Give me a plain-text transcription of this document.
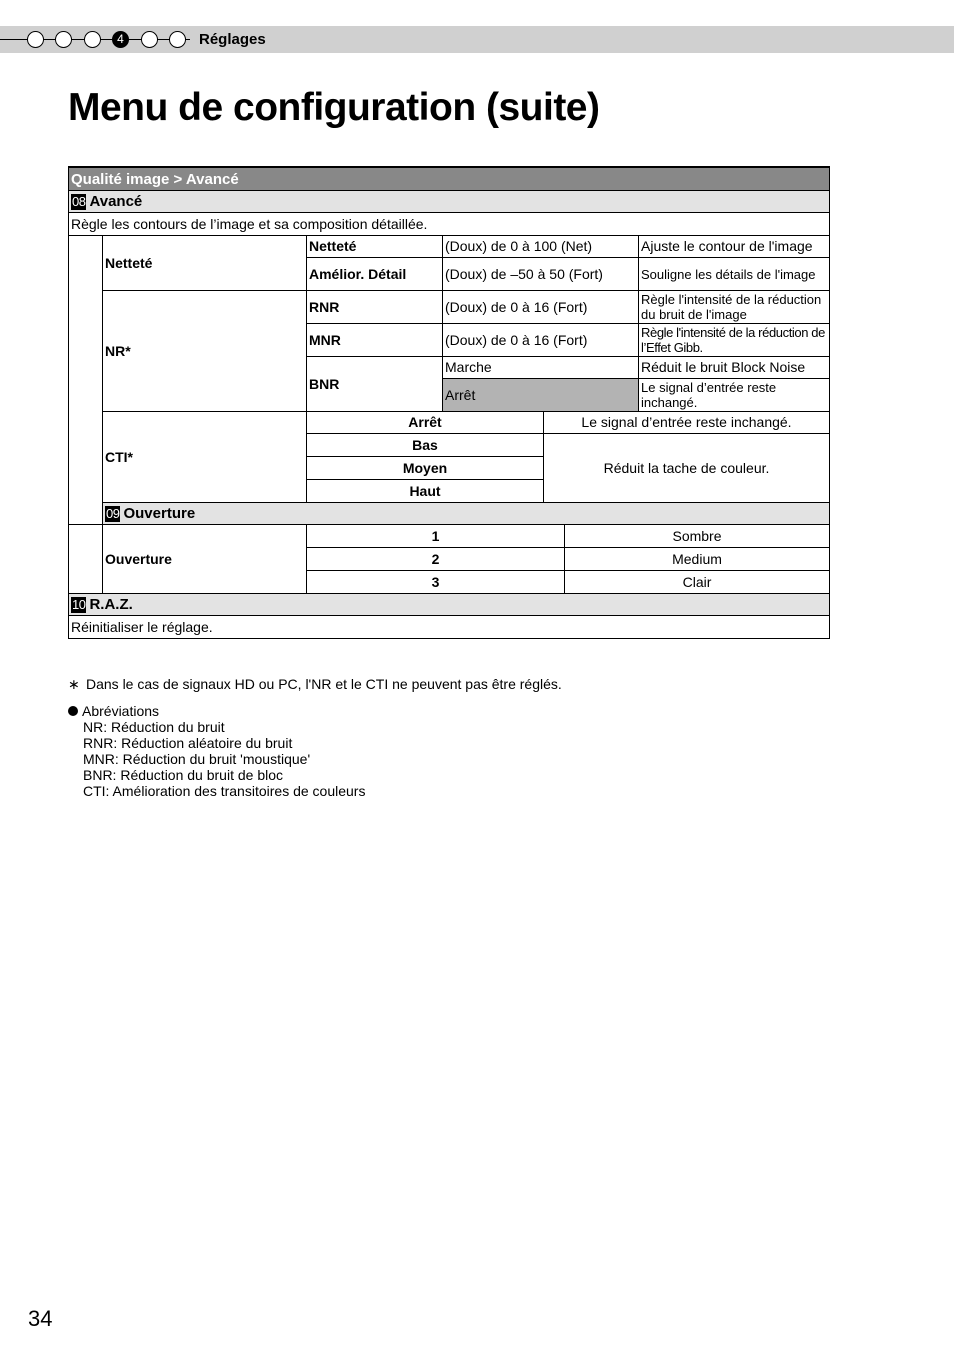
4	Réglages
Menu de configuration (suite)
Qualité image > Avancé						
08 Avancé						
Règle les contours de l’image et sa composition détaillée.						
	Netteté	Netteté	(Doux) de 0 à 100 (Net)			Ajuste le contour de l'image
		Amélior. Détail	(Doux) de –50 à 50 (Fort)			Souligne les détails de l'image
	NR*	RNR	(Doux) de 0 à 16 (Fort)			Règle l'intensité de la réduction du bruit de l'image
		MNR	(Doux) de 0 à 16 (Fort)			Règle l'intensité de la réduction de l’Effet Gibb.
		BNR	Marche			Réduit le bruit Block Noise
			Arrêt			Le signal d’entrée reste inchangé.
	CTI*	Arrêt		Le signal d’entrée reste inchangé.		
		Bas		Réduit la tache de couleur.		
		Moyen				
		Haut				
	09 Ouverture					
	Ouverture	1			Sombre	
		2			Medium	
		3			Clair	
10 R.A.Z.						
Réinitialiser le réglage.						
∗ Dans le cas de signaux HD ou PC, l'NR et le CTI ne peuvent pas être réglés.
Abréviations
NR: Réduction du bruit
RNR: Réduction aléatoire du bruit
MNR: Réduction du bruit 'moustique'
BNR: Réduction du bruit de bloc
CTI: Amélioration des transitoires de couleurs
34
